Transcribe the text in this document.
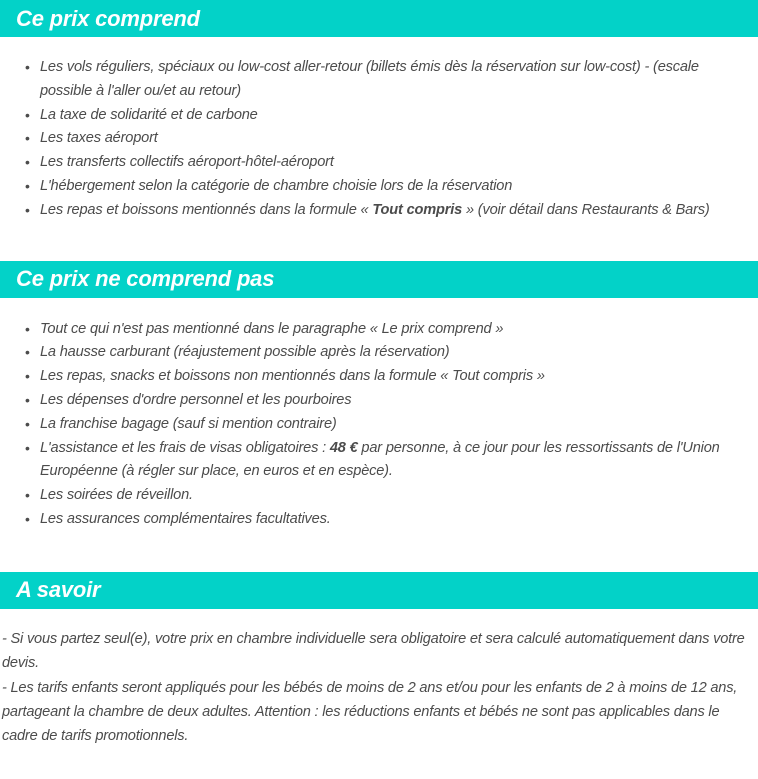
Ce prix comprend
• Les vols réguliers, spéciaux ou low-cost aller-retour (billets émis dès la réservation sur low-cost) - (escale possible à l'aller ou/et au retour)
• La taxe de solidarité et de carbone
• Les taxes aéroport
• Les transferts collectifs aéroport-hôtel-aéroport
• L'hébergement selon la catégorie de chambre choisie lors de la réservation
• Les repas et boissons mentionnés dans la formule « Tout compris » (voir détail dans Restaurants & Bars)
Ce prix ne comprend pas
• Tout ce qui n'est pas mentionné dans le paragraphe « Le prix comprend »
• La hausse carburant (réajustement possible après la réservation)
• Les repas, snacks et boissons non mentionnés dans la formule « Tout compris »
• Les dépenses d'ordre personnel et les pourboires
• La franchise bagage (sauf si mention contraire)
• L'assistance et les frais de visas obligatoires : 48 € par personne, à ce jour pour les ressortissants de l'Union Européenne (à régler sur place, en euros et en espèce).
• Les soirées de réveillon.
• Les assurances complémentaires facultatives.
A savoir

- Si vous partez seul(e), votre prix en chambre individuelle sera obligatoire et sera calculé automatiquement dans votre devis.

- Les tarifs enfants seront appliqués pour les bébés de moins de 2 ans et/ou pour les enfants de 2 à moins de 12 ans, partageant la chambre de deux adultes. Attention : les réductions enfants et bébés ne sont pas applicables dans le cadre de tarifs promotionnels.
